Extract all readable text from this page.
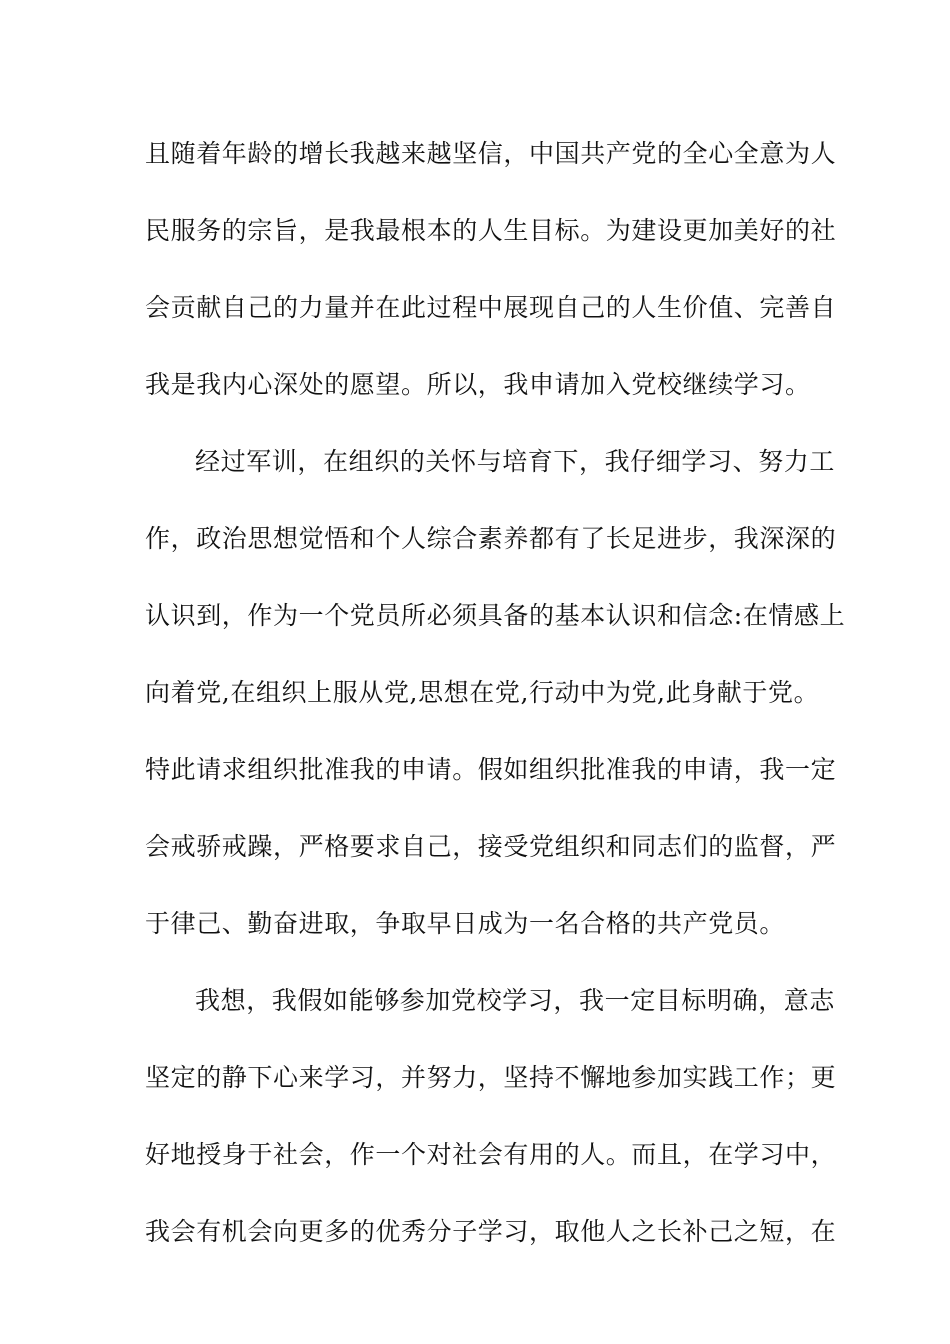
且随着年龄的增长我越来越坚信，中国共产党的全心全意为人
民服务的宗旨，是我最根本的人生目标。为建设更加美好的社
会贡献自己的力量并在此过程中展现自己的人生价值、完善自
我是我内心深处的愿望。所以，我申请加入党校继续学习。
经过军训，在组织的关怀与培育下，我仔细学习、努力工
作，政治思想觉悟和个人综合素养都有了长足进步，我深深的
认识到，作为一个党员所必须具备的基本认识和信念:在情感上
向着党,在组织上服从党,思想在党,行动中为党,此身献于党。
特此请求组织批准我的申请。假如组织批准我的申请，我一定
会戒骄戒躁，严格要求自己，接受党组织和同志们的监督，严
于律己、勤奋进取，争取早日成为一名合格的共产党员。
我想，我假如能够参加党校学习，我一定目标明确，意志
坚定的静下心来学习，并努力，坚持不懈地参加实践工作；更
好地授身于社会，作一个对社会有用的人。而且，在学习中，
我会有机会向更多的优秀分子学习，取他人之长补己之短，在
